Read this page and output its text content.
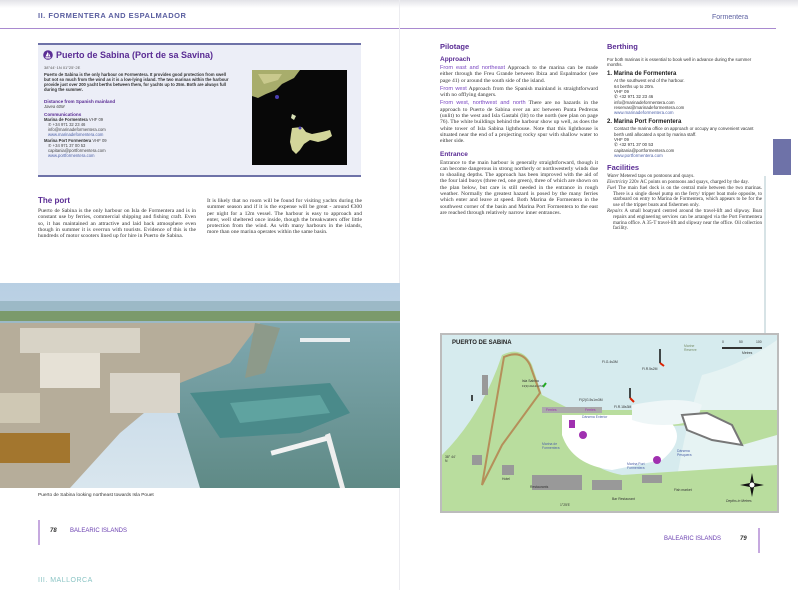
II. FORMENTERA AND ESPALMADOR	Formentera
Puerto de Sabina (Port de sa Savina)
38°44'·1N 01°25'·2E
Puerto de Sabina is the only harbour on Formentera. It provides good protection from swell but not so much from the wind as it is a low-lying island. The two marinas within the harbour provide just over 200 yacht berths between them, for yachts up to 25m. Both are always full during the summer.
Distance from Spanish mainland
Javea 60M
Communications
Marina de Formentera VHF 09
✆ +34 971 32 23 46
info@marinadeformentera.com
www.marinadefomentera.com
Marina Port Formentera VHF 09
✆ +34 971 37 00 53
capitania@portformentera.com
www.portformentera.com
The port
Puerto de Sabina is the only harbour on Isla de Formentera and is in constant use by ferries, commercial shipping and fishing craft. Even so, it has maintained an attractive and laid back atmosphere even though in summer it is overrun with tourists. Evidence of this is the hundreds of motor scooters lined up for hire in Puerto de Sabina.
It is likely that no room will be found for visiting yachts during the summer season and if it is the expense will be great - around €300 per night for a 12m vessel. The harbour is easy to approach and enter, well sheltered once inside, though the breakwaters offer little protection from the wind. As with many harbours in the islands, more than one marina operates within the same basin.
Puerto de Sabina looking northeast towards Isla Pouet
78 BALEARIC ISLANDS
III. MALLORCA
Pilotage
Approach

From east and northeast Approach to the marina can be made either through the Freu Grande between Ibiza and Espalmador (see page 41) or around the south side of the island.

From west Approach from the Spanish mainland is straightforward with no offlying dangers.

From west, northwest and north There are no hazards in the approach to Puerto de Sabina over an arc between Punta Pedreras (unlit) to the west and Isla Gastabi (lit) to the north (see plan on page 76). The white buildings behind the harbour show up well, as does the white tower of Isla Sabina lighthouse. Note that this lighthouse is situated near the end of a projecting rocky spur with shallow water to either side.

Entrance

Entrance to the main harbour is generally straightforward, though it can become dangerous in strong northerly or northwesterly winds due to shoaling depths. The approach has been improved with the aid of the four laid buoys (three red, one green), three of which are shown on the plan below, but care is still needed in the entrance in rough weather. Normally the greatest hazard is posed by the many ferries which enter and leave at speed. Both Marina de Formentera in the southwest corner of the basin and Marina Port Formentera to the east are reached through relatively narrow inner entrances.

Berthing
For both marinas it is essential to book well in advance during the summer months.
1. Marina de Formentera
At the southwest end of the harbour.
64 berths up to 20m.
VHF 09
✆ +32 971 32 23 46
info@marinadeformentera.com
reservas@marinadeformentera.com
www.marinadeformentera.com
2. Marina Port Formentera
Contact the marina office on approach or occupy any convenient vacant berth until allocated a spot by marina staff.
VHF 09
✆ +32 971 37 00 53
capitania@portformentera.com
www.portformentera.com
Facilities
Water Metered taps on pontoons and quays.
Electricity 220v AC points on pontoons and quays, charged by the day.
Fuel The main fuel dock is on the central mole between the two marinas. There is a single diesel pump on the ferry/ tripper boat mole opposite, to starboard on entry to Marina de Formentera, which appears to be for the use of the tripper boats and fishermen only.
Repairs A small boatyard centred around the travel-lift and slipway. Boat repairs and engineering services can be arranged via the Port Formentera marina office. A 35-T travel-lift and slipway near the office. Oil collection facility.
PUERTO DE SABINA	0	50	100
Metres
Isla Sabina
Fl(3)10s12m7M
Marine Reserve
Fl.G.4s3M
Fl.R.5s2M
Fl(2)G.5s1m3M
Fl.R.18s3M
Ferries	Ferries
Dàrsena Exterior
Marina de Formentera
Marina Port Formentera
Dàrsena Pesquera
Restaurants
Bar Restaurant
Fish market
Hotel
Depths in Metres
38° 44' N
1°25'E
BALEARIC ISLANDS	79
